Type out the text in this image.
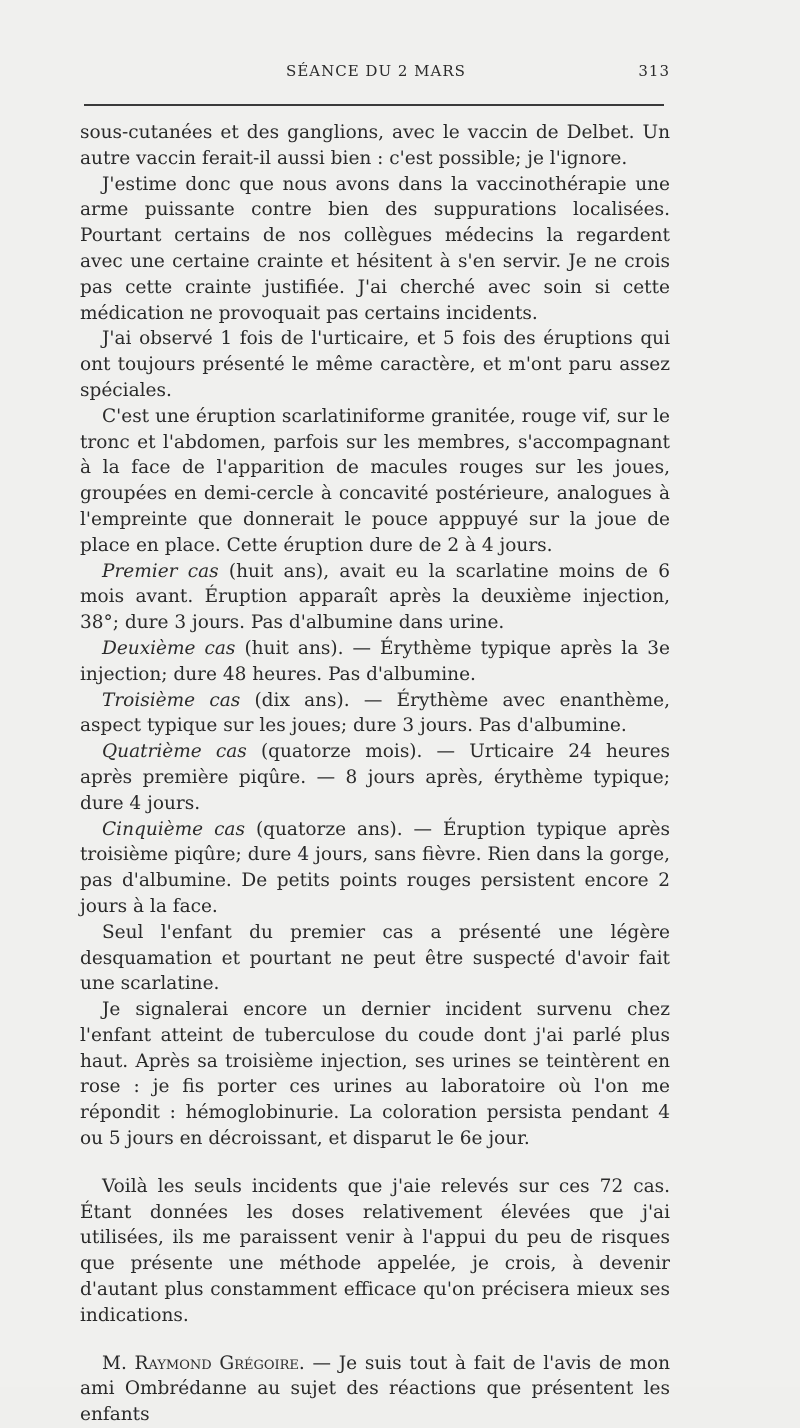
SÉANCE DU 2 MARS	313

sous-cutanées et des ganglions, avec le vaccin de Delbet. Un autre vaccin ferait-il aussi bien : c'est possible; je l'ignore.

J'estime donc que nous avons dans la vaccinothérapie une arme puissante contre bien des suppurations localisées. Pourtant certains de nos collègues médecins la regardent avec une certaine crainte et hésitent à s'en servir. Je ne crois pas cette crainte justifiée. J'ai cherché avec soin si cette médication ne provoquait pas certains incidents.

J'ai observé 1 fois de l'urticaire, et 5 fois des éruptions qui ont toujours présenté le même caractère, et m'ont paru assez spéciales.

C'est une éruption scarlatiniforme granitée, rouge vif, sur le tronc et l'abdomen, parfois sur les membres, s'accompagnant à la face de l'apparition de macules rouges sur les joues, groupées en demi-cercle à concavité postérieure, analogues à l'empreinte que donnerait le pouce apppuyé sur la joue de place en place. Cette éruption dure de 2 à 4 jours.

Premier cas (huit ans), avait eu la scarlatine moins de 6 mois avant. Éruption apparaît après la deuxième injection, 38°; dure 3 jours. Pas d'albumine dans urine.

Deuxième cas (huit ans). — Érythème typique après la 3e injection; dure 48 heures. Pas d'albumine.

Troisième cas (dix ans). — Érythème avec enanthème, aspect typique sur les joues; dure 3 jours. Pas d'albumine.

Quatrième cas (quatorze mois). — Urticaire 24 heures après première piqûre. — 8 jours après, érythème typique; dure 4 jours.

Cinquième cas (quatorze ans). — Éruption typique après troisième piqûre; dure 4 jours, sans fièvre. Rien dans la gorge, pas d'albumine. De petits points rouges persistent encore 2 jours à la face.

Seul l'enfant du premier cas a présenté une légère desquamation et pourtant ne peut être suspecté d'avoir fait une scarlatine.

Je signalerai encore un dernier incident survenu chez l'enfant atteint de tuberculose du coude dont j'ai parlé plus haut. Après sa troisième injection, ses urines se teintèrent en rose : je fis porter ces urines au laboratoire où l'on me répondit : hémoglobinurie. La coloration persista pendant 4 ou 5 jours en décroissant, et disparut le 6e jour.

Voilà les seuls incidents que j'aie relevés sur ces 72 cas. Étant données les doses relativement élevées que j'ai utilisées, ils me paraissent venir à l'appui du peu de risques que présente une méthode appelée, je crois, à devenir d'autant plus constamment efficace qu'on précisera mieux ses indications.

M. Raymond Grégoire. — Je suis tout à fait de l'avis de mon ami Ombrédanne au sujet des réactions que présentent les enfants
